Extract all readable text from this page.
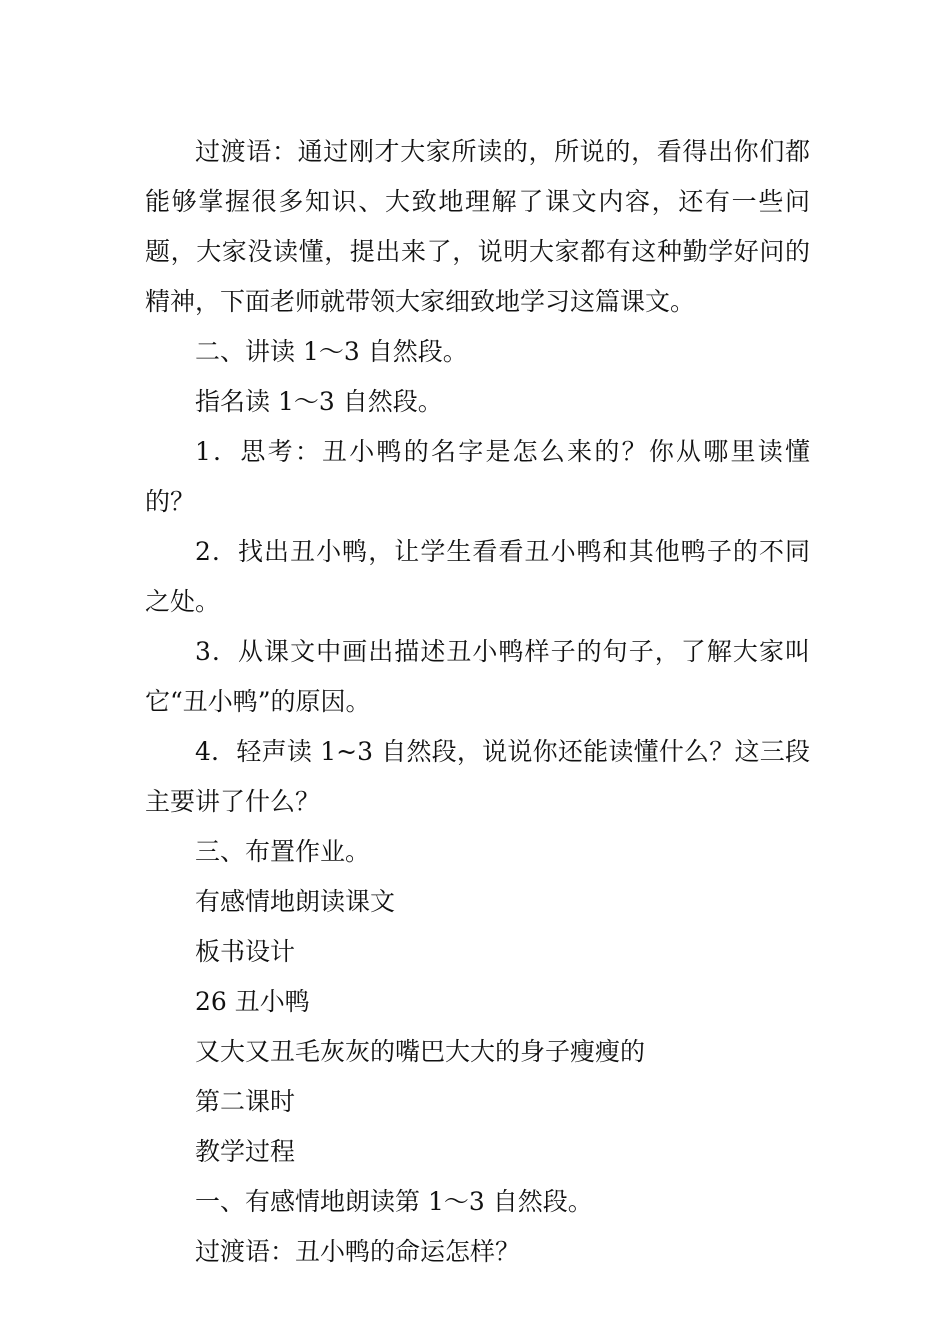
过渡语：通过刚才大家所读的，所说的，看得出你们都能够掌握很多知识、大致地理解了课文内容，还有一些问题，大家没读懂，提出来了，说明大家都有这种勤学好问的精神，下面老师就带领大家细致地学习这篇课文。

二、讲读 1～3 自然段。

指名读 1～3 自然段。

1．思考：丑小鸭的名字是怎么来的？你从哪里读懂的？

2．找出丑小鸭，让学生看看丑小鸭和其他鸭子的不同之处。

3．从课文中画出描述丑小鸭样子的句子，了解大家叫它“丑小鸭”的原因。

4．轻声读 1~3 自然段，说说你还能读懂什么？这三段主要讲了什么？

三、布置作业。

有感情地朗读课文

板书设计

26 丑小鸭

又大又丑毛灰灰的嘴巴大大的身子瘦瘦的

第二课时

教学过程

一、有感情地朗读第 1～3 自然段。

过渡语：丑小鸭的命运怎样？
